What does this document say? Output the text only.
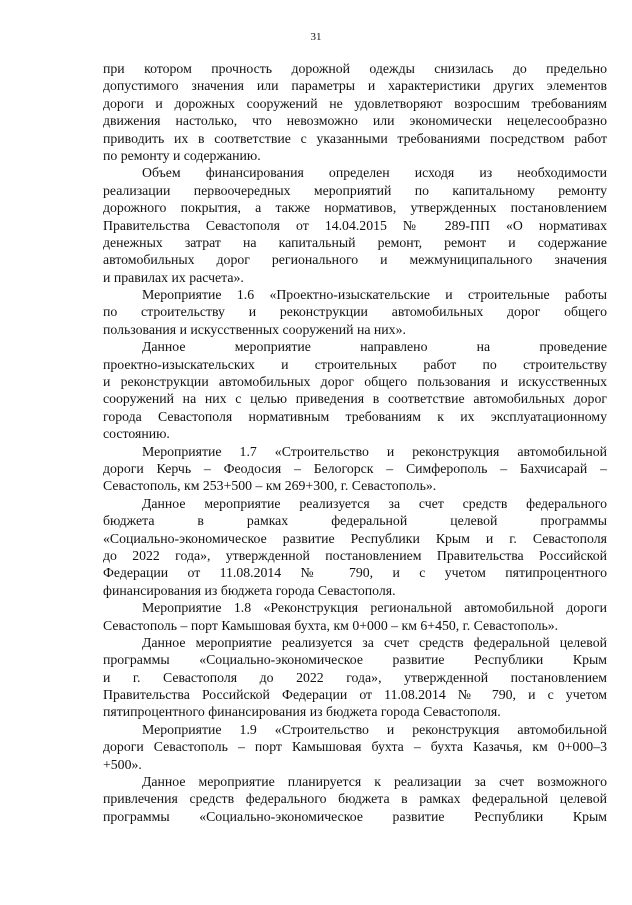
31
при котором прочность дорожной одежды снизилась до предельно
допустимого значения или параметры и характеристики других элементов
дороги и дорожных сооружений не удовлетворяют возросшим требованиям
движения настолько, что невозможно или экономически нецелесообразно
приводить их в соответствие с указанными требованиями посредством работ
по ремонту и содержанию.
Объем финансирования определен исходя из необходимости
реализации первоочередных мероприятий по капитальному ремонту
дорожного покрытия, а также нормативов, утвержденных постановлением
Правительства Севастополя от 14.04.2015 № 289-ПП «О нормативах
денежных затрат на капитальный ремонт, ремонт и содержание
автомобильных дорог регионального и межмуниципального значения
и правилах их расчета».
Мероприятие 1.6 «Проектно-изыскательские и строительные работы
по строительству и реконструкции автомобильных дорог общего
пользования и искусственных сооружений на них».
Данное мероприятие направлено на проведение
проектно-изыскательских и строительных работ по строительству
и реконструкции автомобильных дорог общего пользования и искусственных
сооружений на них с целью приведения в соответствие автомобильных дорог
города Севастополя нормативным требованиям к их эксплуатационному
состоянию.
Мероприятие 1.7 «Строительство и реконструкция автомобильной
дороги Керчь – Феодосия – Белогорск – Симферополь – Бахчисарай –
Севастополь, км 253+500 – км 269+300, г. Севастополь».
Данное мероприятие реализуется за счет средств федерального
бюджета в рамках федеральной целевой программы
«Социально-экономическое развитие Республики Крым и г. Севастополя
до 2022 года», утвержденной постановлением Правительства Российской
Федерации от 11.08.2014 № 790, и с учетом пятипроцентного
финансирования из бюджета города Севастополя.
Мероприятие 1.8 «Реконструкция региональной автомобильной дороги
Севастополь – порт Камышовая бухта, км 0+000 – км 6+450, г. Севастополь».
Данное мероприятие реализуется за счет средств федеральной целевой
программы «Социально-экономическое развитие Республики Крым
и г. Севастополя до 2022 года», утвержденной постановлением
Правительства Российской Федерации от 11.08.2014 № 790, и с учетом
пятипроцентного финансирования из бюджета города Севастополя.
Мероприятие 1.9 «Строительство и реконструкция автомобильной
дороги Севастополь – порт Камышовая бухта – бухта Казачья, км 0+000–3
+500».
Данное мероприятие планируется к реализации за счет возможного
привлечения средств федерального бюджета в рамках федеральной целевой
программы «Социально-экономическое развитие Республики Крым
